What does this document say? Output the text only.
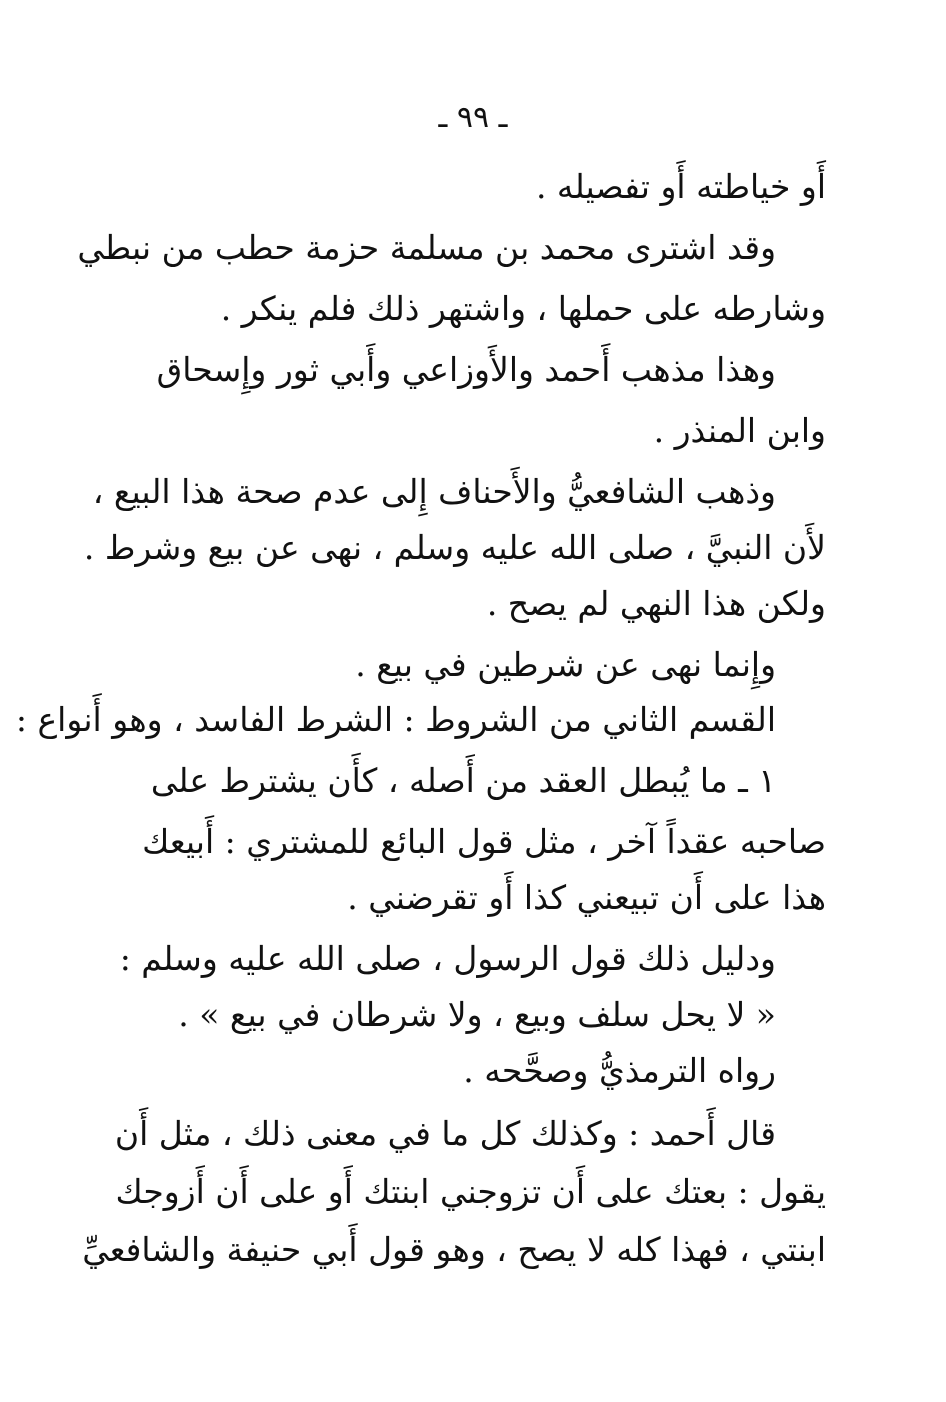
ـ ٩٩ ـ
أَو خياطته أَو تفصيله .
وقد اشترى محمد بن مسلمة حزمة حطب من نبطي
وشارطه على حملها ، واشتهر ذلك فلم ينكر .
وهذا مذهب أَحمد والأَوزاعي وأَبي ثور وإِسحاق
وابن المنذر .
وذهب الشافعيُّ والأَحناف إِلى عدم صحة هذا البيع ،
لأَن النبيَّ ، صلى الله عليه وسلم ، نهى عن بيع وشرط .
ولكن هذا النهي لم يصح .
وإِنما نهى عن شرطين في بيع .
القسم الثاني من الشروط : الشرط الفاسد ، وهو أَنواع :
١ ـ ما يُبطل العقد من أَصله ، كأَن يشترط على
صاحبه عقداً آخر ، مثل قول البائع للمشتري : أَبيعك
هذا على أَن تبيعني كذا أَو تقرضني .
ودليل ذلك قول الرسول ، صلى الله عليه وسلم :
« لا يحل سلف وبيع ، ولا شرطان في بيع » .
رواه الترمذيُّ وصحَّحه .
قال أَحمد : وكذلك كل ما في معنى ذلك ، مثل أَن
يقول : بعتك على أَن تزوجني ابنتك أَو على أَن أَزوجك
ابنتي ، فهذا كله لا يصح ، وهو قول أَبي حنيفة والشافعيِّ
